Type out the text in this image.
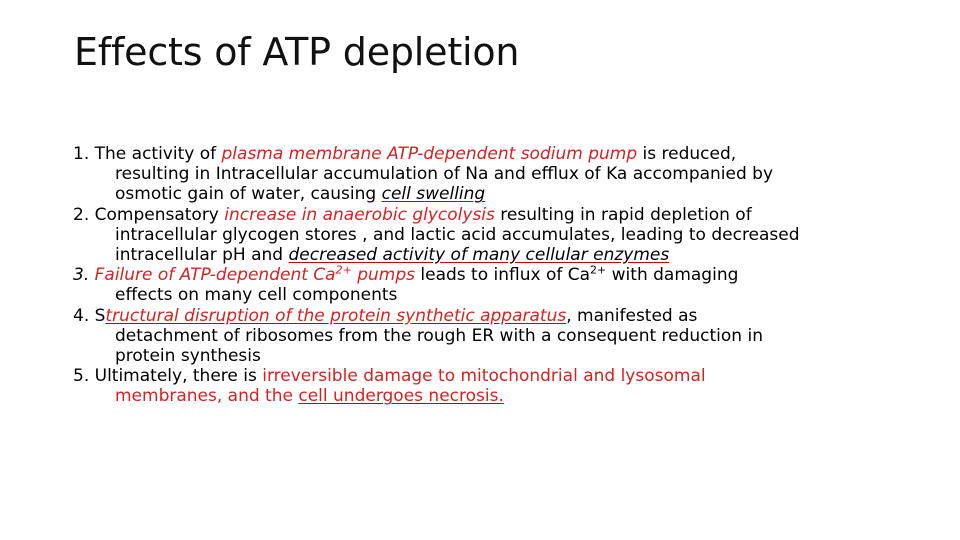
Effects of ATP depletion
1. The activity of plasma membrane ATP-dependent sodium pump is reduced,
resulting in Intracellular accumulation of Na and efflux of Ka accompanied by
osmotic gain of water, causing cell swelling
2. Compensatory increase in anaerobic glycolysis resulting in rapid depletion of
intracellular glycogen stores , and lactic acid accumulates, leading to decreased
intracellular pH and decreased activity of many cellular enzymes
3. Failure of ATP-dependent $Ca^{2+}$ pumps leads to influx of $Ca^{2+}$ with damaging
effects on many cell components
4. Structural disruption of the protein synthetic apparatus, manifested as
detachment of ribosomes from the rough ER with a consequent reduction in
protein synthesis
5. Ultimately, there is irreversible damage to mitochondrial and lysosomal
membranes, and the cell undergoes necrosis.
